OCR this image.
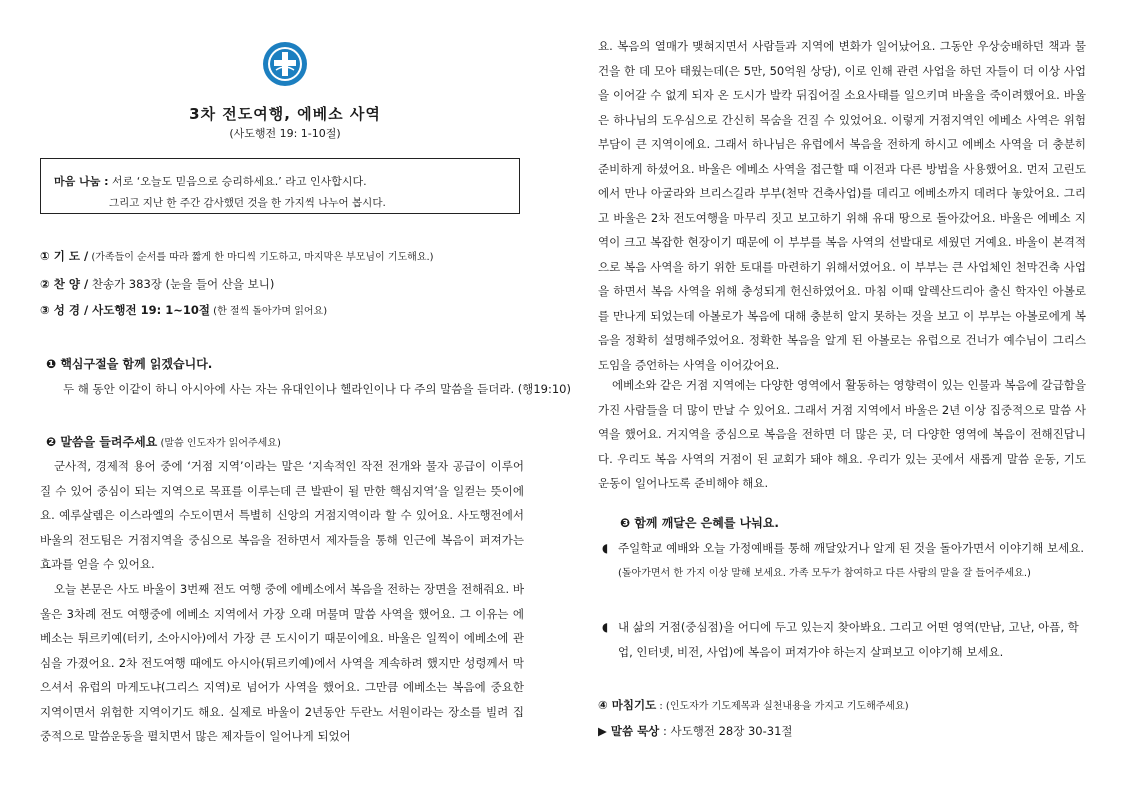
3차 전도여행, 에베소 사역
(사도행전 19: 1-10절)
마음 나눔 : 서로 ‘오늘도 믿음으로 승리하세요.’ 라고 인사합시다.
그리고 지난 한 주간 감사했던 것을 한 가지씩 나누어 봅시다.
① 기 도 / (가족들이 순서를 따라 짧게 한 마디씩 기도하고, 마지막은 부모님이 기도해요.)
② 찬 양 / 찬송가 383장 (눈을 들어 산을 보니)
③ 성 경 / 사도행전 19: 1~10절 (한 절씩 돌아가며 읽어요)
❶ 핵심구절을 함께 읽겠습니다.
두 해 동안 이같이 하니 아시아에 사는 자는 유대인이나 헬라인이나 다 주의 말씀을 듣더라. (행19:10)
❷ 말씀을 들려주세요 (말씀 인도자가 읽어주세요)
군사적, 경제적 용어 중에 ‘거점 지역’이라는 말은 ‘지속적인 작전 전개와 물자 공급이 이루어 질 수 있어 중심이 되는 지역으로 목표를 이루는데 큰 발판이 될 만한 핵심지역’을 일컫는 뜻이에요. 예루살렘은 이스라엘의 수도이면서 특별히 신앙의 거점지역이라 할 수 있어요. 사도행전에서 바울의 전도팀은 거점지역을 중심으로 복음을 전하면서 제자들을 통해 인근에 복음이 퍼져가는 효과를 얻을 수 있어요.
오늘 본문은 사도 바울이 3번째 전도 여행 중에 에베소에서 복음을 전하는 장면을 전해줘요. 바울은 3차례 전도 여행중에 에베소 지역에서 가장 오래 머물며 말씀 사역을 했어요. 그 이유는 에베소는 튀르키예(터키, 소아시아)에서 가장 큰 도시이기 때문이에요. 바울은 일찍이 에베소에 관심을 가졌어요. 2차 전도여행 때에도 아시아(튀르키예)에서 사역을 계속하려 했지만 성령께서 막으셔서 유럽의 마게도냐(그리스 지역)로 넘어가 사역을 했어요. 그만큼 에베소는 복음에 중요한 지역이면서 위험한 지역이기도 해요. 실제로 바울이 2년동안 두란노 서원이라는 장소를 빌려 집중적으로 말씀운동을 펼치면서 많은 제자들이 일어나게 되었어
요. 복음의 열매가 맺혀지면서 사람들과 지역에 변화가 일어났어요. 그동안 우상숭배하던 책과 물건을 한 데 모아 태웠는데(은 5만, 50억원 상당), 이로 인해 관련 사업을 하던 자들이 더 이상 사업을 이어갈 수 없게 되자 온 도시가 발칵 뒤집어질 소요사태를 일으키며 바울을 죽이려했어요. 바울은 하나님의 도우심으로 간신히 목숨을 건질 수 있었어요. 이렇게 거점지역인 에베소 사역은 위험 부담이 큰 지역이에요. 그래서 하나님은 유럽에서 복음을 전하게 하시고 에베소 사역을 더 충분히 준비하게 하셨어요. 바울은 에베소 사역을 접근할 때 이전과 다른 방법을 사용했어요. 먼저 고린도에서 만나 아굴라와 브리스길라 부부(천막 건축사업)를 데리고 에베소까지 데려다 놓았어요. 그리고 바울은 2차 전도여행을 마무리 짓고 보고하기 위해 유대 땅으로 돌아갔어요. 바울은 에베소 지역이 크고 복잡한 현장이기 때문에 이 부부를 복음 사역의 선발대로 세웠던 거예요. 바울이 본격적으로 복음 사역을 하기 위한 토대를 마련하기 위해서였어요. 이 부부는 큰 사업체인 천막건축 사업을 하면서 복음 사역을 위해 충성되게 헌신하였어요. 마침 이때 알렉산드리아 출신 학자인 아볼로를 만나게 되었는데 아볼로가 복음에 대해 충분히 알지 못하는 것을 보고 이 부부는 아볼로에게 복음을 정확히 설명해주었어요. 정확한 복음을 알게 된 아볼로는 유럽으로 건너가 예수님이 그리스도임을 증언하는 사역을 이어갔어요.
에베소와 같은 거점 지역에는 다양한 영역에서 활동하는 영향력이 있는 인물과 복음에 갈급함을 가진 사람들을 더 많이 만날 수 있어요. 그래서 거점 지역에서 바울은 2년 이상 집중적으로 말씀 사역을 했어요. 거지역을 중심으로 복음을 전하면 더 많은 곳, 더 다양한 영역에 복음이 전해진답니다. 우리도 복음 사역의 거점이 된 교회가 돼야 해요. 우리가 있는 곳에서 새롭게 말씀 운동, 기도 운동이 일어나도록 준비해야 해요.
❸ 함께 깨달은 은혜를 나눠요.
◖ 주일학교 예배와 오늘 가정예배를 통해 깨달았거나 알게 된 것을 돌아가면서 이야기해 보세요.
(돌아가면서 한 가지 이상 말해 보세요. 가족 모두가 참여하고 다른 사람의 말을 잘 들어주세요.)
◖ 내 삶의 거점(중심점)을 어디에 두고 있는지 찾아봐요. 그리고 어떤 영역(만남, 고난, 아픔, 학업, 인터넷, 비전, 사업)에 복음이 퍼져가야 하는지 살펴보고 이야기해 보세요.
④ 마침기도 : (인도자가 기도제목과 실천내용을 가지고 기도해주세요)
▶ 말씀 묵상 : 사도행전 28장 30-31절
